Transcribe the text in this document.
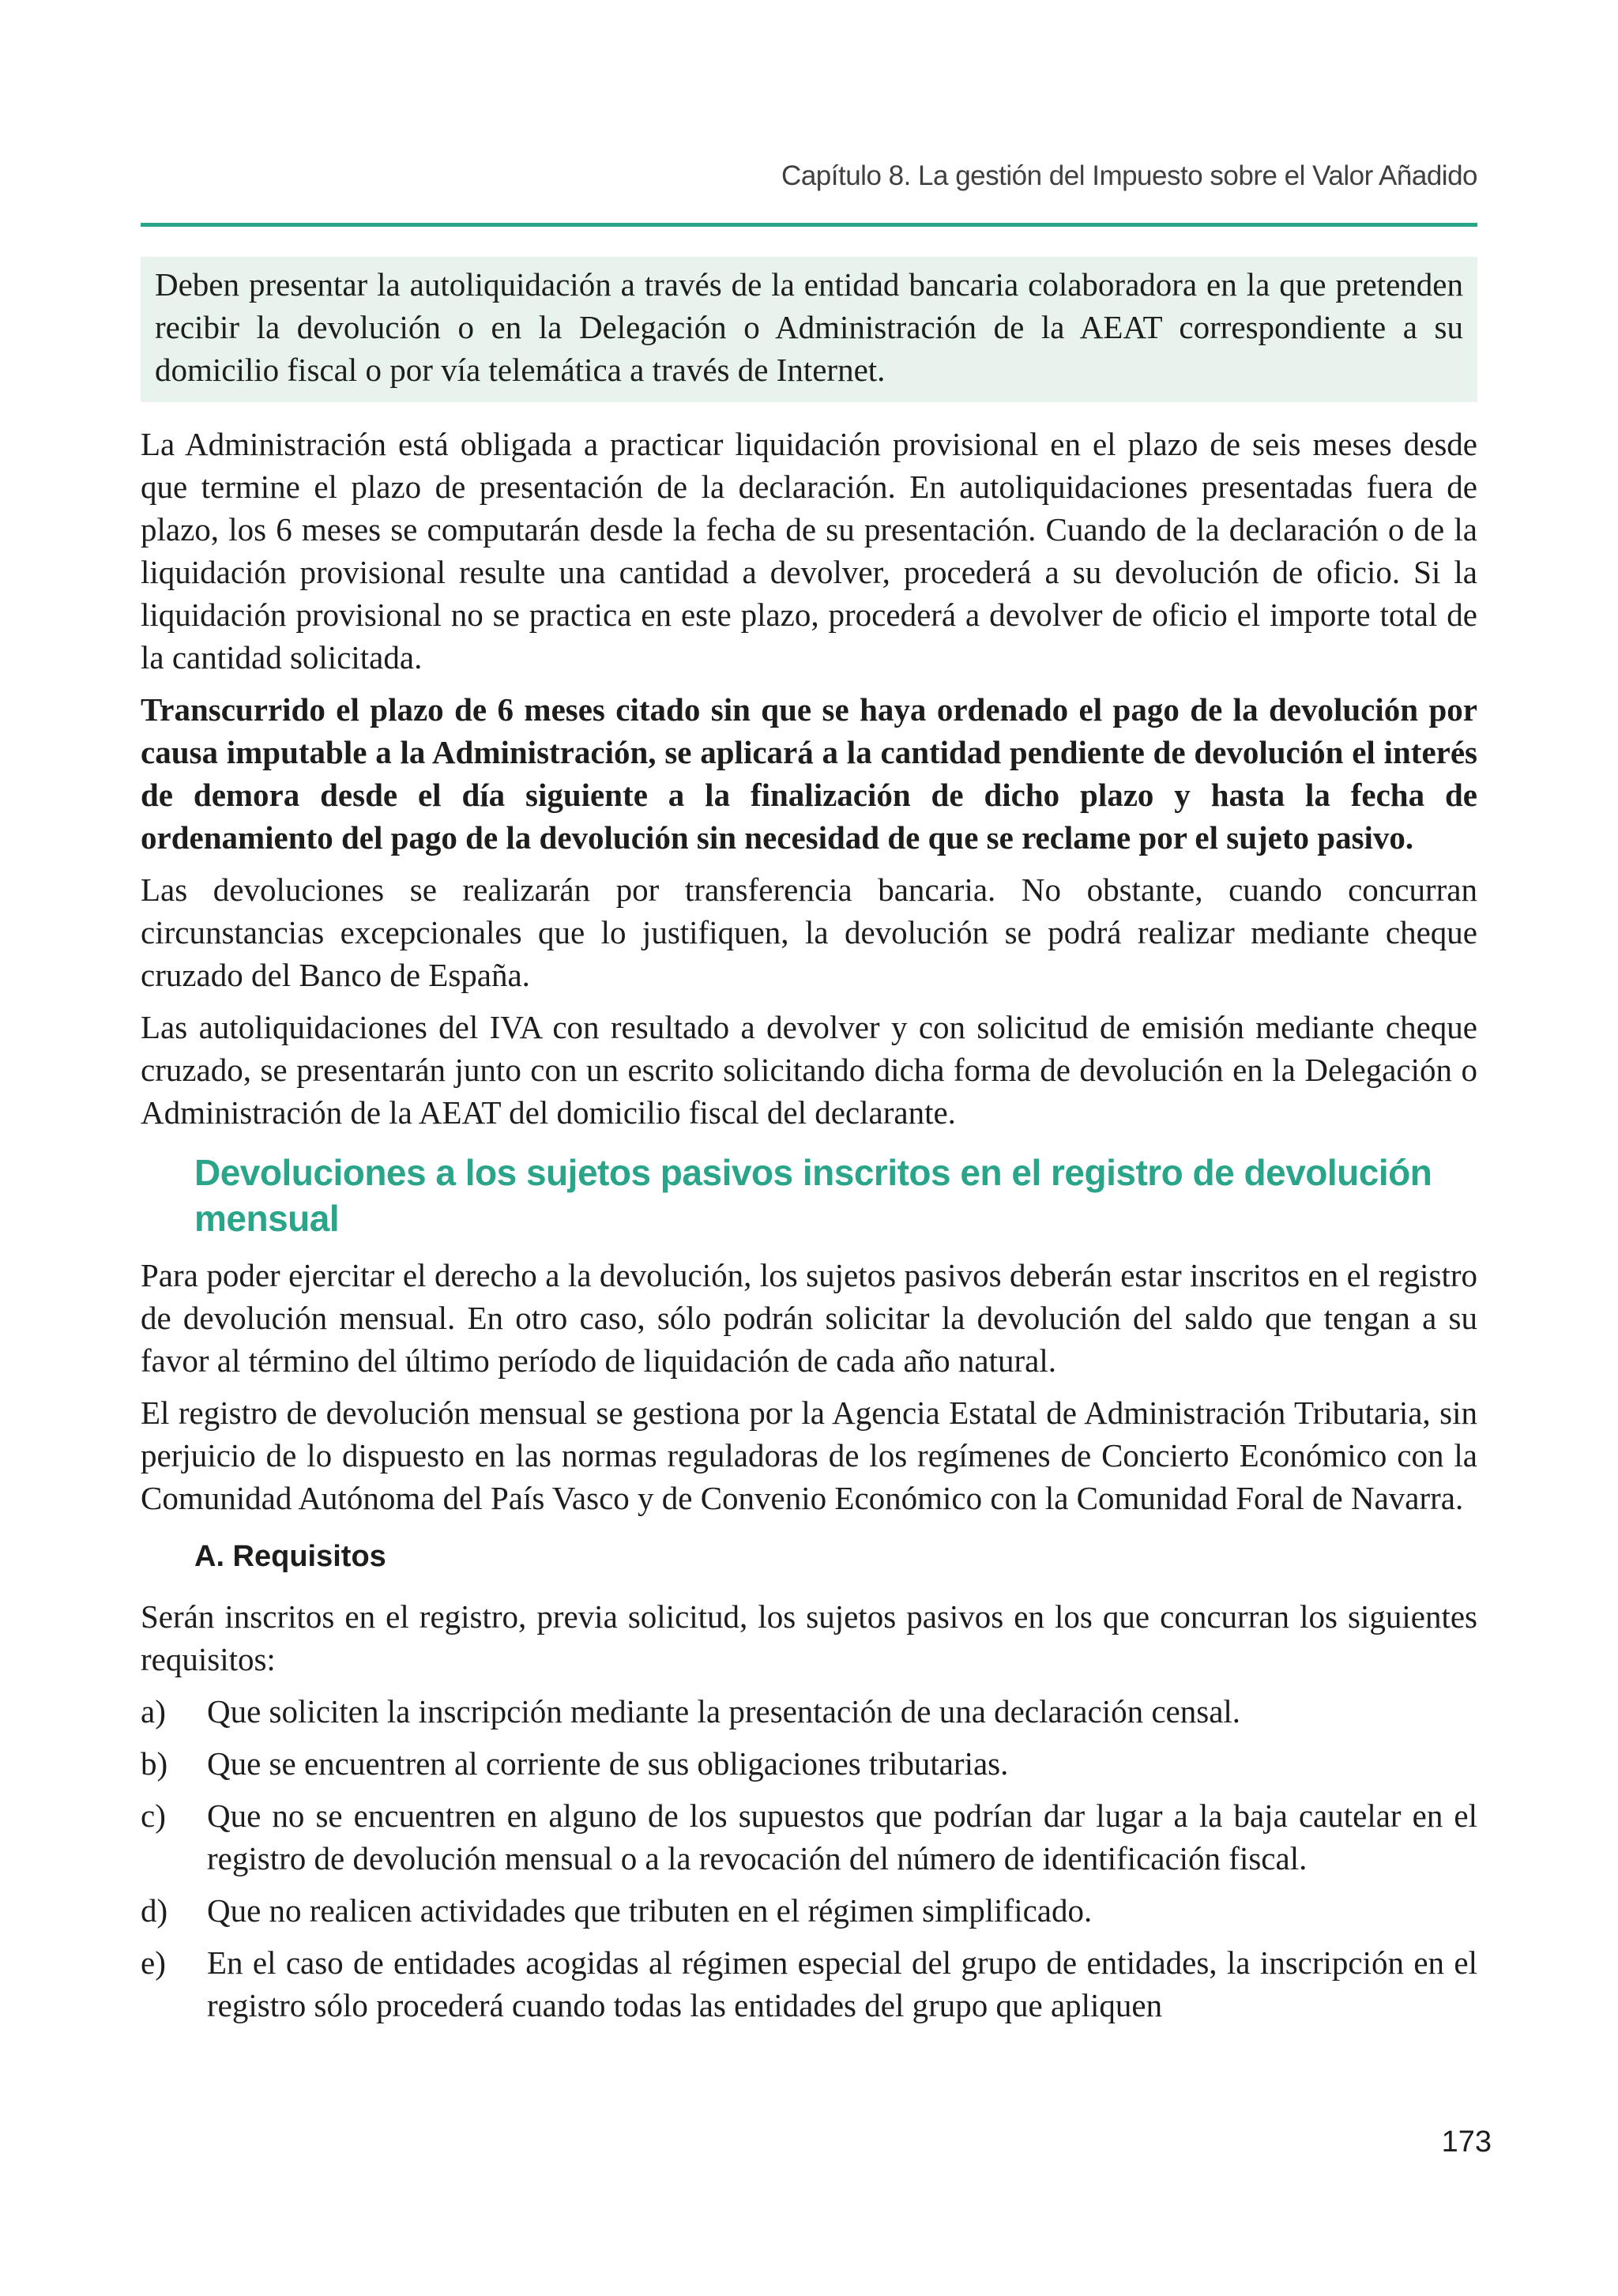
Capítulo 8. La gestión del Impuesto sobre el Valor Añadido
Deben presentar la autoliquidación a través de la entidad bancaria colaboradora en la que pretenden recibir la devolución o en la Delegación o Administración de la AEAT correspondiente a su domicilio fiscal o por vía telemática a través de Internet.

La Administración está obligada a practicar liquidación provisional en el plazo de seis meses desde que termine el plazo de presentación de la declaración. En autoliquidaciones presentadas fuera de plazo, los 6 meses se computarán desde la fecha de su presentación. Cuando de la declaración o de la liquidación provisional resulte una cantidad a devolver, procederá a su devolución de oficio. Si la liquidación provisional no se practica en este plazo, procederá a devolver de oficio el importe total de la cantidad solicitada.

Transcurrido el plazo de 6 meses citado sin que se haya ordenado el pago de la devolución por causa imputable a la Administración, se aplicará a la cantidad pendiente de devolución el interés de demora desde el día siguiente a la finalización de dicho plazo y hasta la fecha de ordenamiento del pago de la devolución sin necesidad de que se reclame por el sujeto pasivo.

Las devoluciones se realizarán por transferencia bancaria. No obstante, cuando concurran circunstancias excepcionales que lo justifiquen, la devolución se podrá realizar mediante cheque cruzado del Banco de España.

Las autoliquidaciones del IVA con resultado a devolver y con solicitud de emisión mediante cheque cruzado, se presentarán junto con un escrito solicitando dicha forma de devolución en la Delegación o Administración de la AEAT del domicilio fiscal del declarante.

Devoluciones a los sujetos pasivos inscritos en el registro de devolución mensual

Para poder ejercitar el derecho a la devolución, los sujetos pasivos deberán estar inscritos en el registro de devolución mensual. En otro caso, sólo podrán solicitar la devolución del saldo que tengan a su favor al término del último período de liquidación de cada año natural.

El registro de devolución mensual se gestiona por la Agencia Estatal de Administración Tributaria, sin perjuicio de lo dispuesto en las normas reguladoras de los regímenes de Concierto Económico con la Comunidad Autónoma del País Vasco y de Convenio Económico con la Comunidad Foral de Navarra.

A. Requisitos

Serán inscritos en el registro, previa solicitud, los sujetos pasivos en los que concurran los siguientes requisitos:

a)	Que soliciten la inscripción mediante la presentación de una declaración censal.
b)	Que se encuentren al corriente de sus obligaciones tributarias.
c)	Que no se encuentren en alguno de los supuestos que podrían dar lugar a la baja cautelar en el registro de devolución mensual o a la revocación del número de identificación fiscal.
d)	Que no realicen actividades que tributen en el régimen simplificado.
e)	En el caso de entidades acogidas al régimen especial del grupo de entidades, la inscripción en el registro sólo procederá cuando todas las entidades del grupo que apliquen
173
